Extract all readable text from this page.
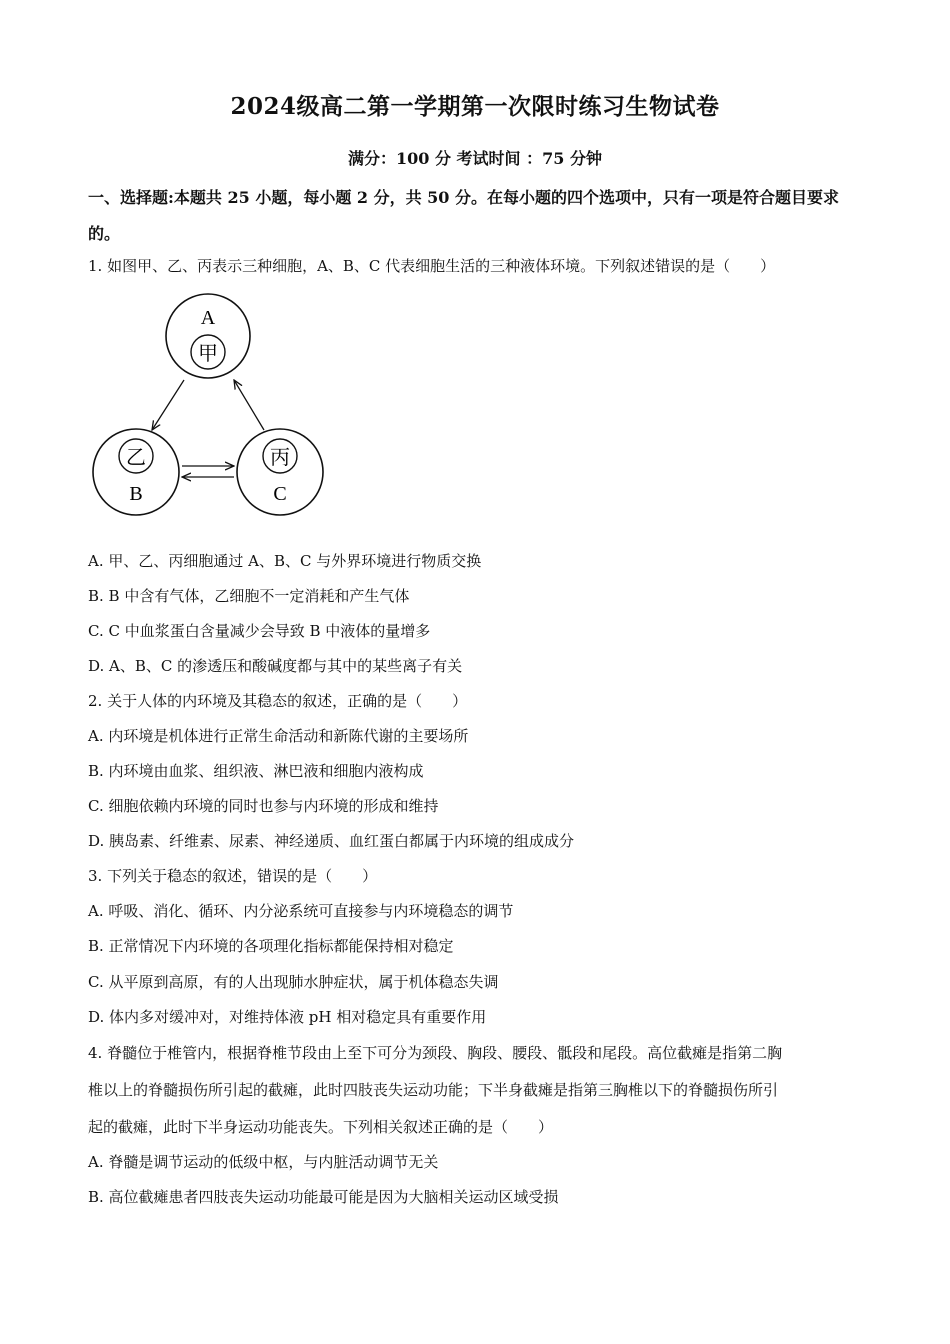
2024级高二第一学期第一次限时练习生物试卷
满分：100 分 考试时间 ：75 分钟
一、选择题:本题共 25 小题，每小题 2 分，共 50 分。在每小题的四个选项中，只有一项是符合题目要求的。
1. 如图甲、乙、丙表示三种细胞，A、B、C 代表细胞生活的三种液体环境。下列叙述错误的是（　　）
A
甲
乙
B
丙
C
A. 甲、乙、丙细胞通过 A、B、C 与外界环境进行物质交换
B. B 中含有气体，乙细胞不一定消耗和产生气体
C. C 中血浆蛋白含量减少会导致 B 中液体的量增多
D. A、B、C 的渗透压和酸碱度都与其中的某些离子有关
2. 关于人体的内环境及其稳态的叙述，正确的是（　　）
A. 内环境是机体进行正常生命活动和新陈代谢的主要场所
B. 内环境由血浆、组织液、淋巴液和细胞内液构成
C. 细胞依赖内环境的同时也参与内环境的形成和维持
D. 胰岛素、纤维素、尿素、神经递质、血红蛋白都属于内环境的组成成分
3. 下列关于稳态的叙述，错误的是（　　）
A. 呼吸、消化、循环、内分泌系统可直接参与内环境稳态的调节
B. 正常情况下内环境的各项理化指标都能保持相对稳定
C. 从平原到高原，有的人出现肺水肿症状，属于机体稳态失调
D. 体内多对缓冲对，对维持体液 pH 相对稳定具有重要作用
4. 脊髓位于椎管内，根据脊椎节段由上至下可分为颈段、胸段、腰段、骶段和尾段。高位截瘫是指第二胸
椎以上的脊髓损伤所引起的截瘫，此时四肢丧失运动功能；下半身截瘫是指第三胸椎以下的脊髓损伤所引
起的截瘫，此时下半身运动功能丧失。下列相关叙述正确的是（　　）
A. 脊髓是调节运动的低级中枢，与内脏活动调节无关
B. 高位截瘫患者四肢丧失运动功能最可能是因为大脑相关运动区域受损
